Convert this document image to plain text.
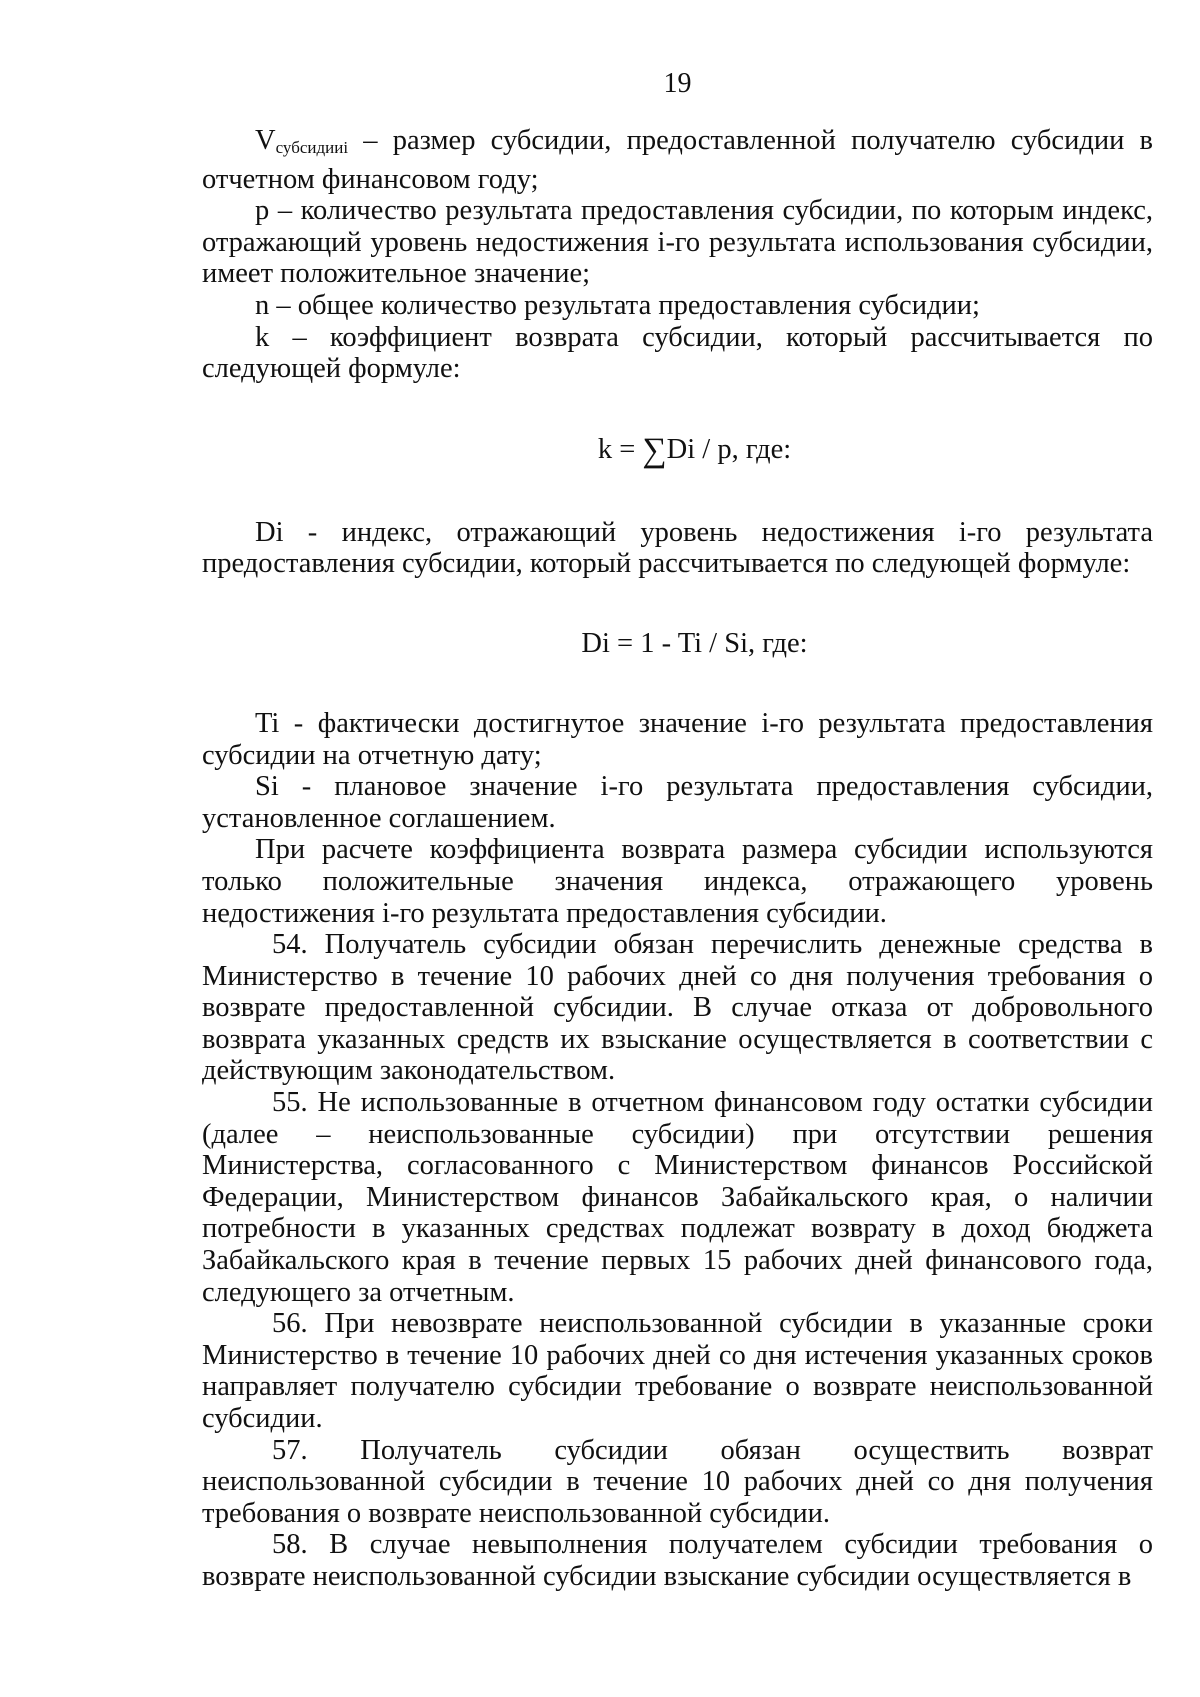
19

$V_{субсидииi}$ – размер субсидии, предоставленной получателю субсидии в отчетном финансовом году;

p – количество результата предоставления субсидии, по которым индекс, отражающий уровень недостижения i-го результата использования субсидии, имеет положительное значение;

n – общее количество результата предоставления субсидии;

k – коэффициент возврата субсидии, который рассчитывается по следующей формуле:

k = ∑Di / p, где:

Di - индекс, отражающий уровень недостижения i-го результата предоставления субсидии, который рассчитывается по следующей формуле:

Di = 1 - Ti / Si, где:

Ti - фактически достигнутое значение i-го результата предоставления субсидии на отчетную дату;

Si - плановое значение i-го результата предоставления субсидии, установленное соглашением.

При расчете коэффициента возврата размера субсидии используются только положительные значения индекса, отражающего уровень недостижения i-го результата предоставления субсидии.

54. Получатель субсидии обязан перечислить денежные средства в Министерство в течение 10 рабочих дней со дня получения требования о возврате предоставленной субсидии. В случае отказа от добровольного возврата указанных средств их взыскание осуществляется в соответствии с действующим законодательством.

55. Не использованные в отчетном финансовом году остатки субсидии (далее – неиспользованные субсидии) при отсутствии решения Министерства, согласованного с Министерством финансов Российской Федерации, Министерством финансов Забайкальского края, о наличии потребности в указанных средствах подлежат возврату в доход бюджета Забайкальского края в течение первых 15 рабочих дней финансового года, следующего за отчетным.

56. При невозврате неиспользованной субсидии в указанные сроки Министерство в течение 10 рабочих дней со дня истечения указанных сроков направляет получателю субсидии требование о возврате неиспользованной субсидии.

57. Получатель субсидии обязан осуществить возврат неиспользованной субсидии в течение 10 рабочих дней со дня получения требования о возврате неиспользованной субсидии.

58. В случае невыполнения получателем субсидии требования о возврате неиспользованной субсидии взыскание субсидии осуществляется в
